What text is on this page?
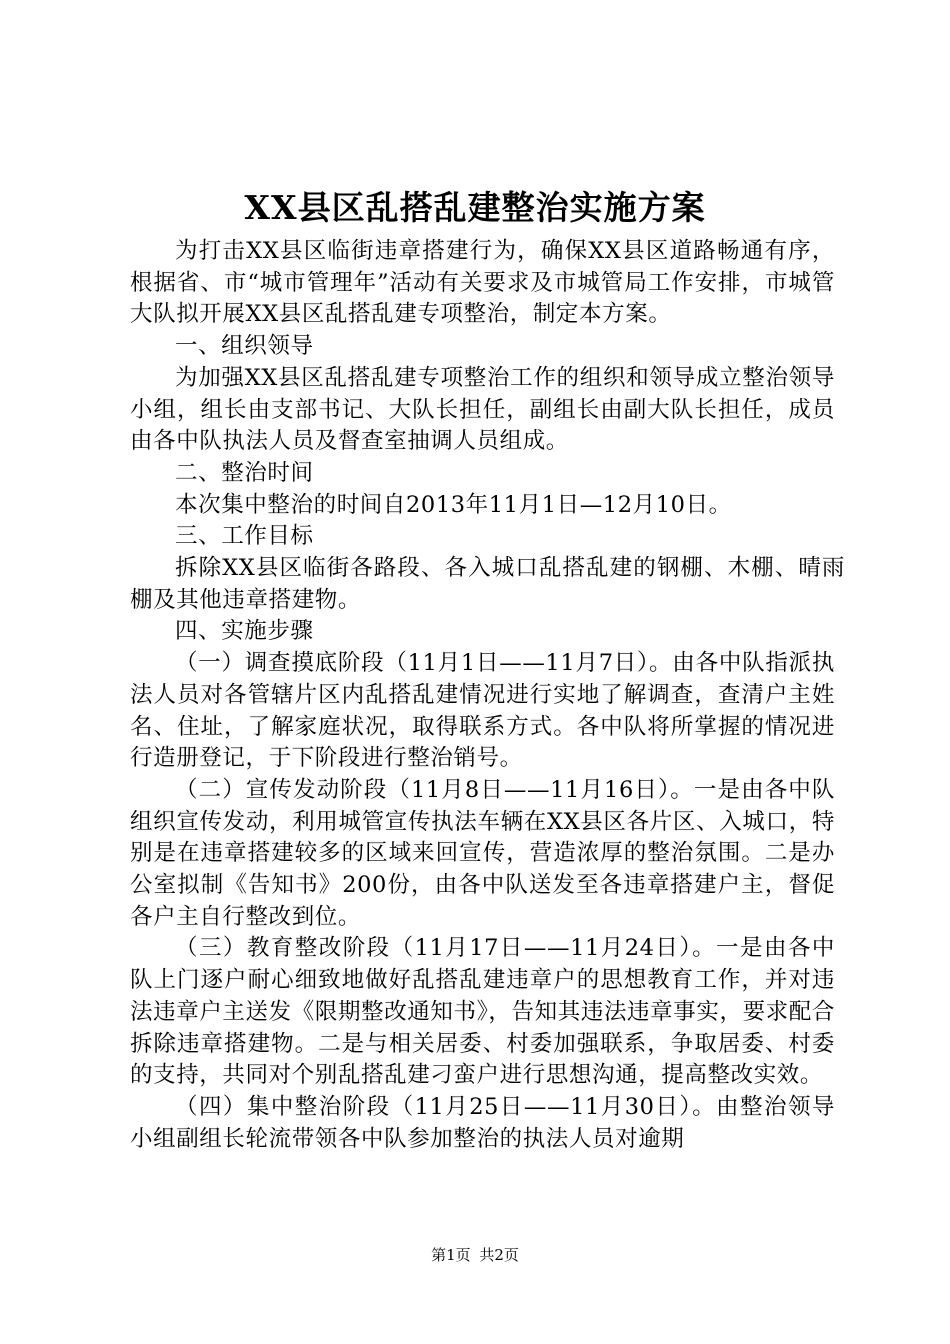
XX县区乱搭乱建整治实施方案

为打击XX县区临街违章搭建行为，确保XX县区道路畅通有序，根据省、市“城市管理年”活动有关要求及市城管局工作安排，市城管大队拟开展XX县区乱搭乱建专项整治，制定本方案。

一、组织领导

为加强XX县区乱搭乱建专项整治工作的组织和领导成立整治领导小组，组长由支部书记、大队长担任，副组长由副大队长担任，成员由各中队执法人员及督查室抽调人员组成。

二、整治时间

本次集中整治的时间自2013年11月1日—12月10日。

三、工作目标

拆除XX县区临街各路段、各入城口乱搭乱建的钢棚、木棚、晴雨棚及其他违章搭建物。

四、实施步骤

（一）调查摸底阶段（11月1日——11月7日）。由各中队指派执法人员对各管辖片区内乱搭乱建情况进行实地了解调查，查清户主姓名、住址，了解家庭状况，取得联系方式。各中队将所掌握的情况进行造册登记，于下阶段进行整治销号。

（二）宣传发动阶段（11月8日——11月16日）。一是由各中队组织宣传发动，利用城管宣传执法车辆在XX县区各片区、入城口，特别是在违章搭建较多的区域来回宣传，营造浓厚的整治氛围。二是办公室拟制《告知书》200份，由各中队送发至各违章搭建户主，督促各户主自行整改到位。

（三）教育整改阶段（11月17日——11月24日）。一是由各中队上门逐户耐心细致地做好乱搭乱建违章户的思想教育工作，并对违法违章户主送发《限期整改通知书》，告知其违法违章事实，要求配合拆除违章搭建物。二是与相关居委、村委加强联系，争取居委、村委的支持，共同对个别乱搭乱建刁蛮户进行思想沟通，提高整改实效。

（四）集中整治阶段（11月25日——11月30日）。由整治领导小组副组长轮流带领各中队参加整治的执法人员对逾期

第1页 共2页
